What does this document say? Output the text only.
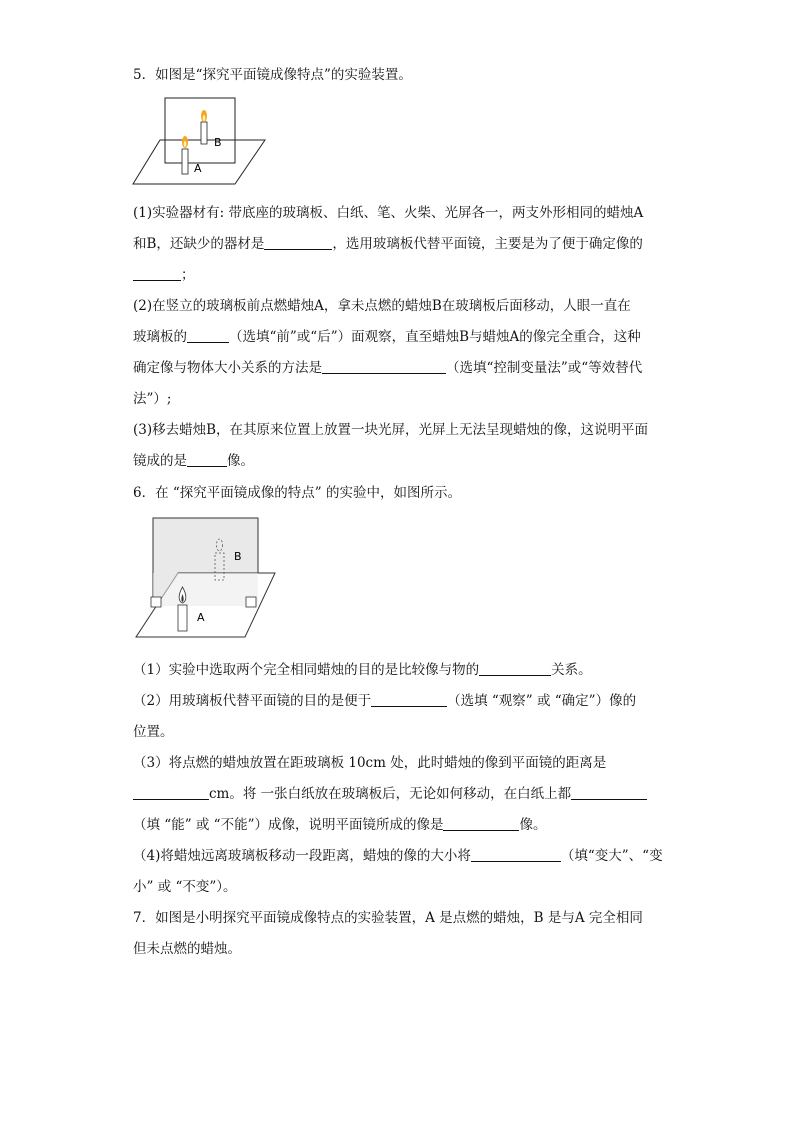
5．如图是“探究平面镜成像特点”的实验装置。
B
A
(1)实验器材有: 带底座的玻璃板、白纸、笔、火柴、光屏各一，两支外形相同的蜡烛A
和B，还缺少的器材是	，选用玻璃板代替平面镜，主要是为了便于确定像的
；
(2)在竖立的玻璃板前点燃蜡烛A，拿未点燃的蜡烛B在玻璃板后面移动，人眼一直在
玻璃板的	（选填“前”或“后”）面观察，直至蜡烛B与蜡烛A的像完全重合，这种
确定像与物体大小关系的方法是	（选填“控制变量法”或“等效替代
法”）;
(3)移去蜡烛B，在其原来位置上放置一块光屏，光屏上无法呈现蜡烛的像，这说明平面
镜成的是	像。
6．在 “探究平面镜成像的特点” 的实验中，如图所示。
B
A
（1）实验中选取两个完全相同蜡烛的目的是比较像与物的	关系。
（2）用玻璃板代替平面镜的目的是便于	（选填 “观察” 或 “确定”）像的
位置。
（3）将点燃的蜡烛放置在距玻璃板 10cm 处，此时蜡烛的像到平面镜的距离是
cm。将 一张白纸放在玻璃板后，无论如何移动，在白纸上都
（填 “能” 或 “不能”）成像，说明平面镜所成的像是	像。
（4)将蜡烛远离玻璃板移动一段距离，蜡烛的像的大小将	（填“变大”、“变
小” 或 “不变”）。
7．如图是小明探究平面镜成像特点的实验装置，A 是点燃的蜡烛，B 是与A 完全相同
但未点燃的蜡烛。
